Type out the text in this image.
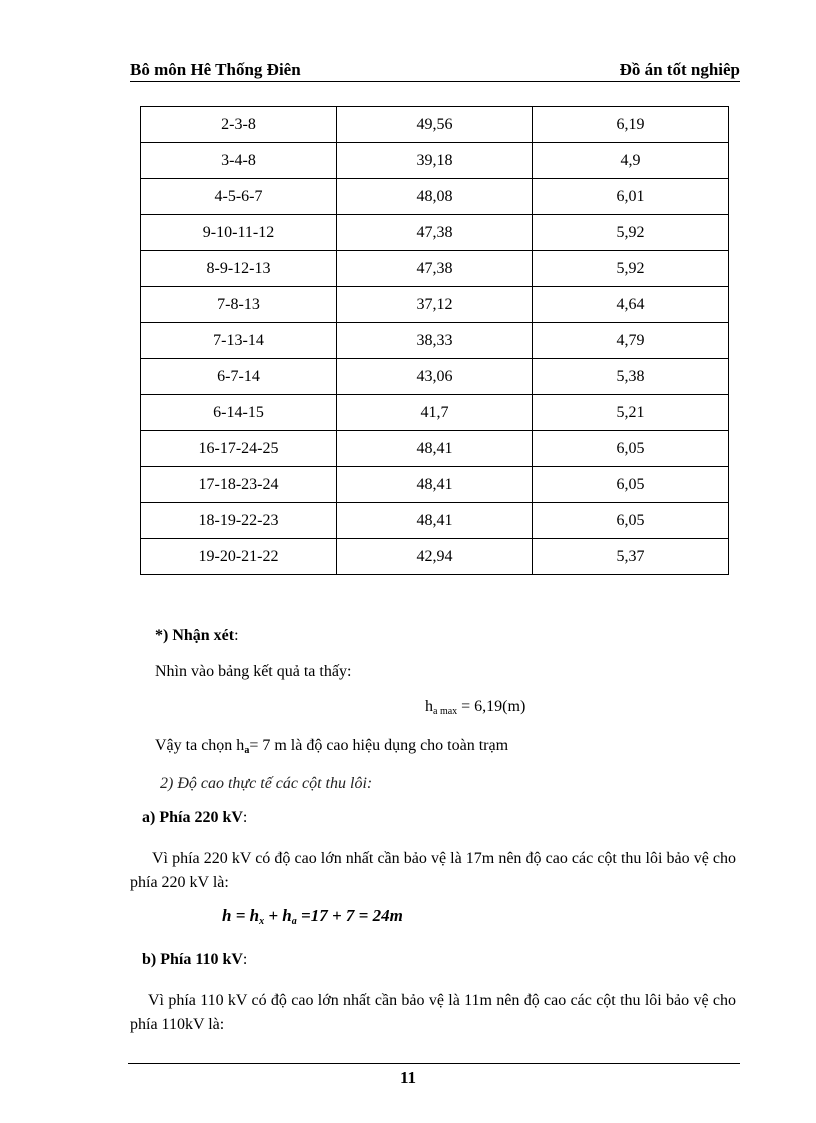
Bô môn Hê Thống Điên	Đồ án tốt nghiêp
2-3-8	49,56	6,19
3-4-8	39,18	4,9
4-5-6-7	48,08	6,01
9-10-11-12	47,38	5,92
8-9-12-13	47,38	5,92
7-8-13	37,12	4,64
7-13-14	38,33	4,79
6-7-14	43,06	5,38
6-14-15	41,7	5,21
16-17-24-25	48,41	6,05
17-18-23-24	48,41	6,05
18-19-22-23	48,41	6,05
19-20-21-22	42,94	5,37
*) Nhận xét:
Nhìn vào bảng kết quả ta thấy:
$h_{a max} = 6,19(m)$
Vậy ta chọn $h_a= 7$ m là độ cao hiệu dụng cho toàn trạm
2) Độ cao thực tế các cột thu lôi:
a) Phía 220 kV:
Vì phía 220 kV có độ cao lớn nhất cần bảo vệ là 17m nên độ cao các cột thu lôi bảo vệ cho phía 220 kV là:
$h = h_x + h_a =17 + 7 = 24m$
b) Phía 110 kV:
Vì phía 110 kV có độ cao lớn nhất cần bảo vệ là 11m nên độ cao các cột thu lôi bảo vệ cho phía 110kV là:
11
